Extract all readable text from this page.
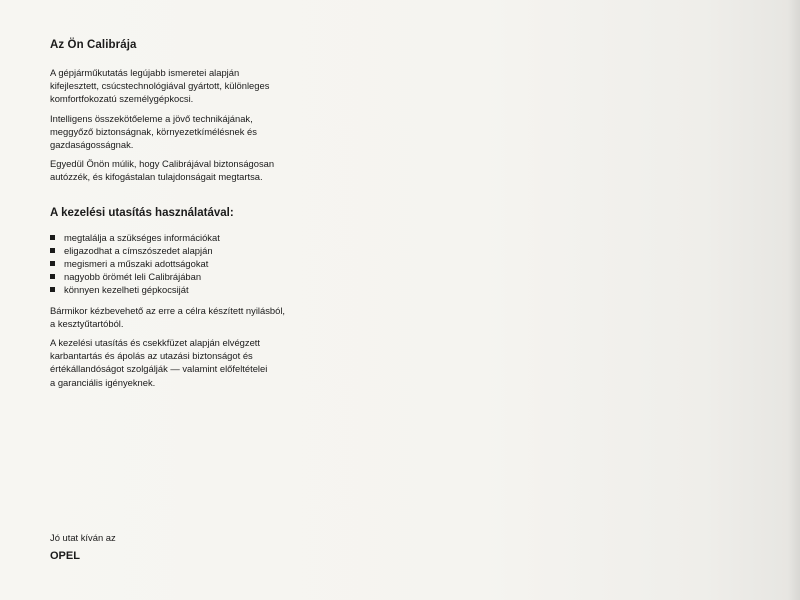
Az Ön Calibrája

A gépjárműkutatás legújabb ismeretei alapján
kifejlesztett, csúcstechnológiával gyártott, különleges
komfortfokozatú személygépkocsi.

Intelligens összekötőeleme a jövő technikájának,
meggyőző biztonságnak, környezetkímélésnek és
gazdaságosságnak.

Egyedül Önön múlik, hogy Calibrájával biztonságosan
autózzék, és kifogástalan tulajdonságait megtartsa.

A kezelési utasítás használatával:
megtalálja a szükséges információkat
eligazodhat a címszószedet alapján
megismeri a műszaki adottságokat
nagyobb örömét leli Calibrájában
könnyen kezelheti gépkocsiját

Bármikor kézbevehető az erre a célra készített nyilásból,
a kesztyűtartóból.

A kezelési utasítás és csekkfüzet alapján elvégzett
karbantartás és ápolás az utazási biztonságot és
értékállandóságot szolgálják — valamint előfeltételei
a garanciális igényeknek.

Jó utat kíván az

OPEL
